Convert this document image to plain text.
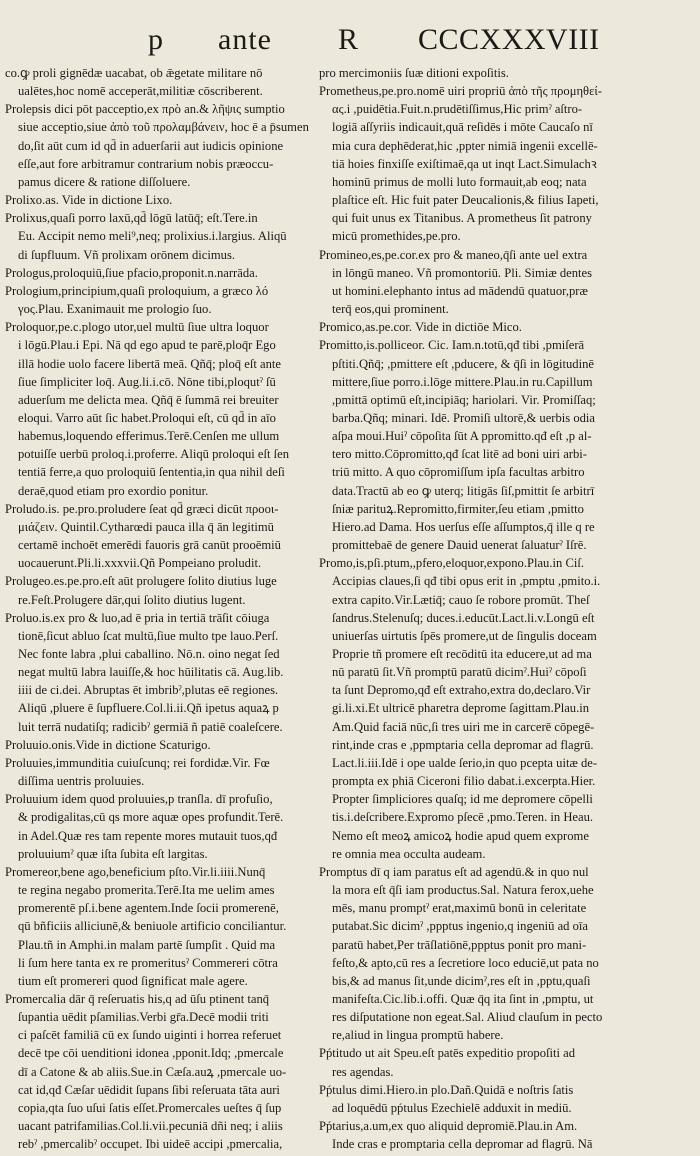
p ante R CCCXXXVIII
co.ꝙ proli gignēdæ uacabat, ob ǣgetate militare nō
ualētes,hoc nomē acceperāt,militiæ cōscriberent.
Prolepsis dici pōt pacceptio,ex πρὸ an.& λῆψις sumptio
siue acceptio,siue ἀπὸ τοῦ προλαμβάνειν, hoc ē a p̄sumen
do,ſit aūt cum id qd̄ in aduerſarii aut iudicis opinione
eſſe,aut fore arbitramur contrarium nobis præoccu-
pamus dicere & ratione diſſoluere.
Prolixo.as. Vide in dictione Lixo.
Prolixus,quaſi porro laxū,qd̄ lōgū latūq̄; eſt.Tere.in
Eu. Accipit nemo meli⁹,neq; prolixius.i.largius. Aliqū
di ſupfluum. Vñ prolixam orōnem dicimus.
Prologus,proloquiū,ſiue pfacio,proponit.n.narrāda.
Prologium,principium,quaſi proloquium, a græco λό
γος.Plau. Exanimauit me prologio ſuo.
Proloquor,pe.c.plogo utor,uel multū ſiue ultra loquor
i lōgū.Plau.i Epi. Nā qd ego apud te parē,ploq̄r Ego
illā hodie uolo facere libertā meā. Qñq̄; ploq̄ eſt ante
ſiue ſimpliciter loq̄. Aug.li.i.cō. Nōne tibi,ploqutˀ ſū
aduerſum me delicta mea. Qñq̄ ē ſummā rei breuiter
eloqui. Varro aūt ſic habet.Proloqui eſt, cū qd̄ in aīo
habemus,loquendo efferimus.Terē.Cenſen me ullum
potuiſſe uerbū proloq.i.proferre. Aliqū proloqui eſt ſen
tentiā ferre,a quo proloquiū ſententia,in qua nihil deſi
deraē,quod etiam pro exordio ponitur.
Proludo.is. pe.pro.proludere ſeat qd̄ græci dicūt προοι-
μιάζειν. Quintil.Cytharœdi pauca illa q̄ ān legitimū
certamē inchoēt emerēdi fauoris grā canūt prooēmiū
uocauerunt.Pli.li.xxxvii.Qñ Pompeiano proludit.
Prolugeo.es.pe.pro.eſt aūt prolugere ſolito diutius luge
re.Feſt.Prolugere dār,qui ſolito diutius lugent.
Proluo.is.ex pro & luo,ad ē pria in tertiā trāſit cōiuga
tionē,ſicut abluo ſcat multū,ſiue multo tpe lauo.Perſ.
Nec fonte labra ,plui caballino. Nō.n. oino negat ſed
negat multū labra lauiſſe,& hoc hūilitatis cā. Aug.lib.
iiii de ci.dei. Abruptas ēt imbribˀ,plutas eē regiones.
Aliqū ,pluere ē ſupfluere.Col.li.ii.Qñ ipetus aquaꝝ p
luit terrā nudatiſq; radicibˀ germiā ñ patiē coaleſcere.
Proluuio.onis.Vide in dictione Scaturigo.
Proluuies,immunditia cuiuſcunq; rei fordidæ.Vir. Fœ
diſſima uentris proluuies.
Proluuium idem quod proluuies,p tranſla. dī profuſio,
& prodigalitas,cū qs more aquæ opes profundit.Terē.
in Adel.Quæ res tam repente mores mutauit tuos,qđ
proluuiumˀ quæ iſta ſubita eſt largitas.
Promereor,bene ago,beneficium pſto.Vir.li.iiii.Nunq̄
te regina negabo promerita.Terē.Ita me uelim ames
promerentē pſ.i.bene agentem.Inde ſocii promerenē,
qū bñficiis alliciunē,& beniuole artificio conciliantur.
Plau.tñ in Amphi.in malam partē ſumpſit . Quid ma
li ſum here tanta ex re promeritusˀ Commereri cōtra
tium eſt promereri quod ſignificat male agere.
Promercalia dār q̄ reſeruatis his,q ad ūſu ptinent tanq̄
ſupantia uēdit pſamilias.Verbi gr̄a.Decē modii triti
ci paſcēt familiā cū ex ſundo uiginti i horrea referuet
decē tpe cōi uenditioni idonea ,pponit.Idq; ,pmercale
dī a Catone & ab aliis.Sue.in Cæſa.auꝝ ,pmercale uo-
cat id,qđ Cæſar uēdidit ſupans ſibi reſeruata tāta auri
copia,qta ſuo uſui ſatis eſſet.Promercales ueſtes q̄ ſup
uacant patrifamilias.Col.li.vii.pecuniā dñi neq; i aliis
rebˀ ,pmercalibˀ occupet. Ibi uideē accipi ,pmercalia,
pro mercimoniis ſuæ ditioni expoſitis.
Prometheus,pe.pro.nomē uiri propriū ἀπὸ τῆς προμηθεί-
ας.i ,puidētia.Fuit.n.prudētiſſimus,Hic primˀ aſtro-
logiā aſſyriis indicauit,quā reſidēs i mōte Caucaſo nī
mia cura dephēderat,hic ,ppter nimiā ingenii excellē-
tiā hoies finxiſſe exiſtimaē,qa ut inqt Lact.Simulachꝛ
hominū primus de molli luto formauit,ab eoq; nata
plaſtice eſt. Hic fuit pater Deucalionis,& filius Iapeti,
qui fuit unus ex Titanibus. A prometheus ſit patrony
micū promethides,pe.pro.
Promineo,es,pe.cor.ex pro & maneo,q̄ſi ante uel extra
in lōngū maneo. Vñ promontoriū. Pli. Simiæ dentes
ut homini.elephanto intus ad mādendū quatuor,præ
terq̄ eos,qui prominent.
Promico,as.pe.cor. Vide in dictiōe Mico.
Promitto,is.polliceor. Cic. Iam.n.totū,qđ tibi ,pmiſerā
pſtiti.Qñq̄; ,pmittere eſt ,pducere, & q̄ſi in lōgitudinē
mittere,ſiue porro.i.lōge mittere.Plau.in ru.Capillum
,pmittā optimū eſt,incipiāq; hariolari. Vir. Promiſſaq;
barba.Qñq; minari. Idē. Promiſi ultorē,& uerbis odia
aſpa moui.Huiˀ cōpoſita ſūt A ppromitto.qđ eſt ,p al-
tero mitto.Cōpromitto,qđ ſcat litē ad boni uiri arbi-
triū mitto. A quo cōpromiſſum ipſa facultas arbitro
data.Tractū ab eo ꝙ uterq; litigās ſiſ,pmittit ſe arbitrī
ſniæ parituꝝ.Repromitto,firmiter,ſeu etiam ,pmitto
Hiero.ad Dama. Hos uerſus eſſe aſſumptos,q̄ ille q re
promittebaē de genere Dauid uenerat ſaluaturˀ Iſrē.
Promo,is,pſi.ptum,,pfero,eloquor,expono.Plau.in Ciſ.
Accipias claues,ſi qđ tibi opus erit in ,pmptu ,pmito.i.
extra capito.Vir.Lætiq̄; cauo ſe robore promūt. Theſ
ſandrus.Stelenuſq; duces.i.educūt.Lact.li.v.Longū eſt
uniuerſas uirtutis ſpēs promere,ut de ſingulis doceam
Proprie tñ promere eſt recōditū ita educere,ut ad ma
nū paratū ſit.Vñ promptū paratū dicimˀ.Huiˀ cōpoſi
ta ſunt Depromo,qđ eſt extraho,extra do,declaro.Vir
gi.li.xi.Et ultricē pharetra deprome ſagittam.Plau.in
Am.Quid faciā nūc,ſi tres uiri me in carcerē cōpegē-
rint,inde cras e ,ppmptaria cella depromar ad flagrū.
Lact.li.iii.Idē i ope ualde ſerio,in quo pcepta uitæ de-
prompta ex phiā Ciceroni filio dabat.i.excerpta.Hier.
Propter ſimpliciores quaſq; id me depromere cōpelli
tis.i.deſcribere.Expromo pſecē ,pmo.Teren. in Heau.
Nemo eſt meoꝝ amicoꝝ hodie apud quem exprome
re omnia mea occulta audeam.
Promptus dī q iam paratus eſt ad agendū.& in quo nul
la mora eſt q̄ſi iam productus.Sal. Natura ferox,uehe
mēs, manu promptˀ erat,maximū bonū in celeritate
putabat.Sic dicimˀ ,ppptus ingenio,q ingeniū ad oīa
paratū habet,Per trāſlatiōnē,ppptus ponit pro mani-
feſto,& apto,cū res a ſecretiore loco educiē,ut pata no
bis,& ad manus ſit,unde dicimˀ,res eſt in ,pptu,quaſi
manifeſta.Cic.lib.i.offi. Quæ q̄q ita ſint in ,pmptu, ut
res diſputatione non egeat.Sal. Aliud clauſum in pecto
re,aliud in lingua promptū habere.
Pṕtitudo ut ait Speu.eſt patēs expeditio propoſiti ad
res agendas.
Pṕtulus dimi.Hiero.in plo.Dañ.Quidā e noſtris ſatis
ad loquēdū pṕtulus Ezechielē adduxit in mediū.
Pṕtarius,a.um,ex quo aliquid depromiē.Plau.in Am.
Inde cras e promptaria cella depromar ad flagrū. Nā
